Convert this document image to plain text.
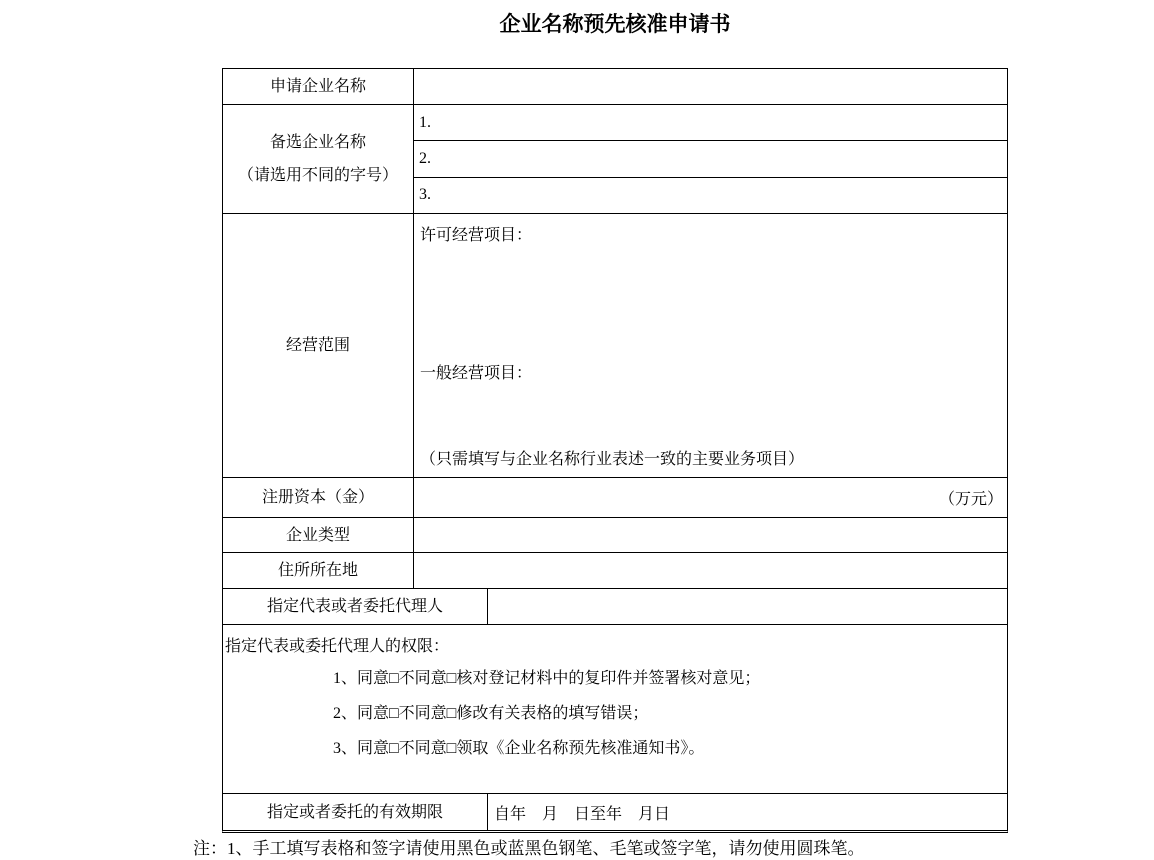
企业名称预先核准申请书
申请企业名称
备选企业名称
（请选用不同的字号）
1.
2.
3.
经营范围
许可经营项目：
一般经营项目：
（只需填写与企业名称行业表述一致的主要业务项目）
注册资本（金）	（万元）
企业类型
住所所在地
指定代表或者委托代理人
指定代表或委托代理人的权限：
1、同意□不同意□核对登记材料中的复印件并签署核对意见；
2、同意□不同意□修改有关表格的填写错误；
3、同意□不同意□领取《企业名称预先核准通知书》。
指定或者委托的有效期限	自年　月　日至年　月日
注：1、手工填写表格和签字请使用黑色或蓝黑色钢笔、毛笔或签字笔，请勿使用圆珠笔。
